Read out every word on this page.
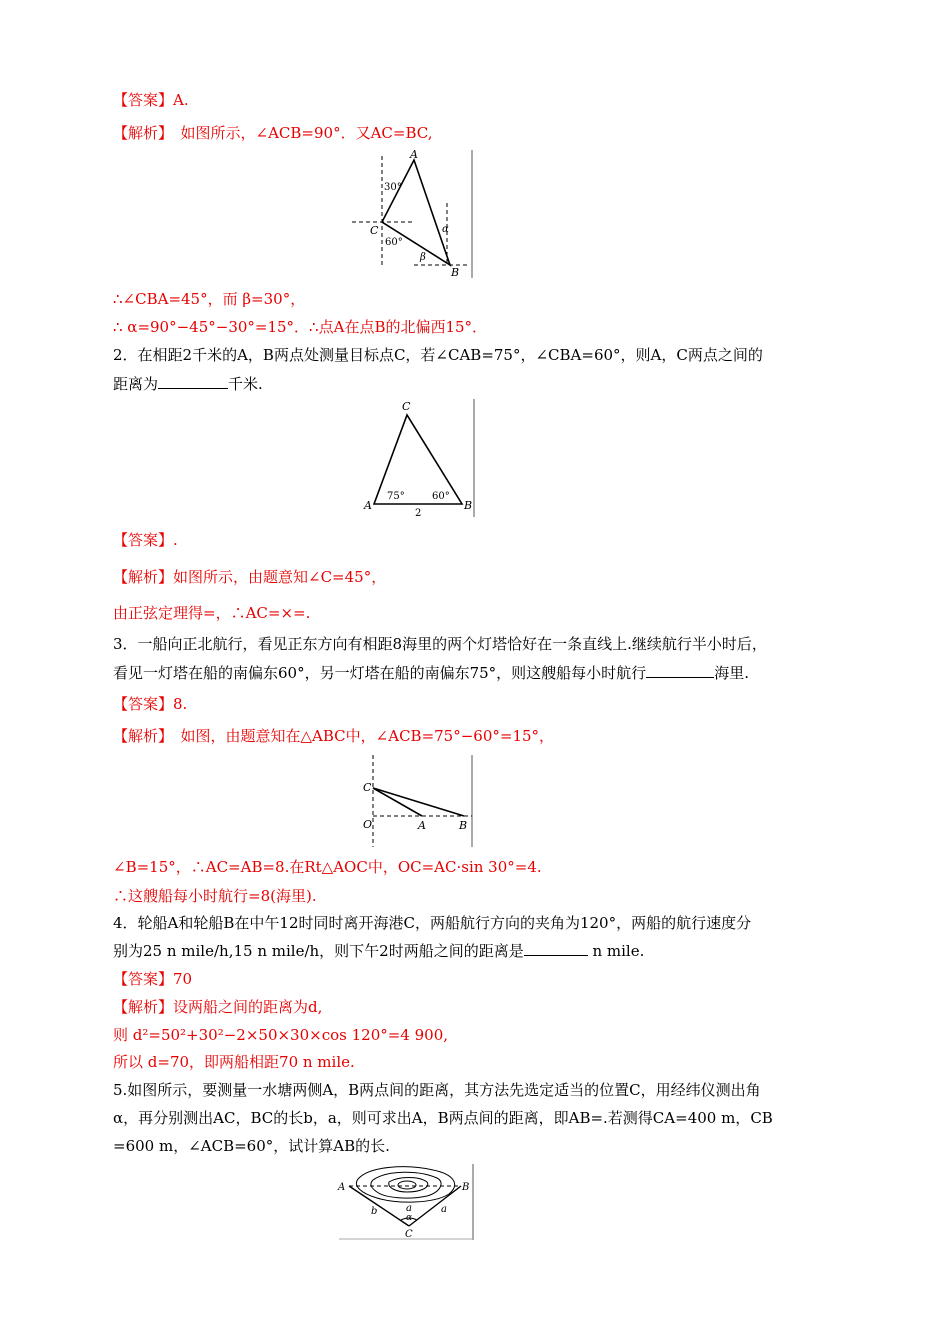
【答案】A.
【解析】　如图所示，∠ACB=90°．又AC=BC,
A
C
B
30°
60°
α
β
∴∠CBA=45°，而 β=30°，
∴ α=90°−45°−30°=15°．∴点A在点B的北偏西15°．
2．在相距2千米的A，B两点处测量目标点C，若∠CAB=75°，∠CBA=60°，则A，C两点之间的
距离为	千米.
C
A	B
75°	60°
2
【答案】.
【解析】如图所示，由题意知∠C=45°，
由正弦定理得=，∴AC=×=.
3．一船向正北航行，看见正东方向有相距8海里的两个灯塔恰好在一条直线上.继续航行半小时后，
看见一灯塔在船的南偏东60°，另一灯塔在船的南偏东75°，则这艘船每小时航行	海里.
【答案】8.
【解析】　如图，由题意知在△ABC中，∠ACB=75°−60°=15°，
C
O	A	B
∠B=15°，∴AC=AB=8.在Rt△AOC中，OC=AC·sin 30°=4.
∴这艘船每小时航行=8(海里).
4．轮船A和轮船B在中午12时同时离开海港C，两船航行方向的夹角为120°，两船的航行速度分
别为25 n mile/h,15 n mile/h，则下午2时两船之间的距离是	n mile.
【答案】70
【解析】设两船之间的距离为d,
则 d²=50²+30²−2×50×30×cos 120°=4 900,
所以 d=70，即两船相距70 n mile.
5.如图所示，要测量一水塘两侧A，B两点间的距离，其方法先选定适当的位置C，用经纬仪测出角
α，再分别测出AC，BC的长b，a，则可求出A，B两点间的距离，即AB=.若测得CA=400 m，CB
=600 m，∠ACB=60°，试计算AB的长.
A	B
C
b	a
a
α
